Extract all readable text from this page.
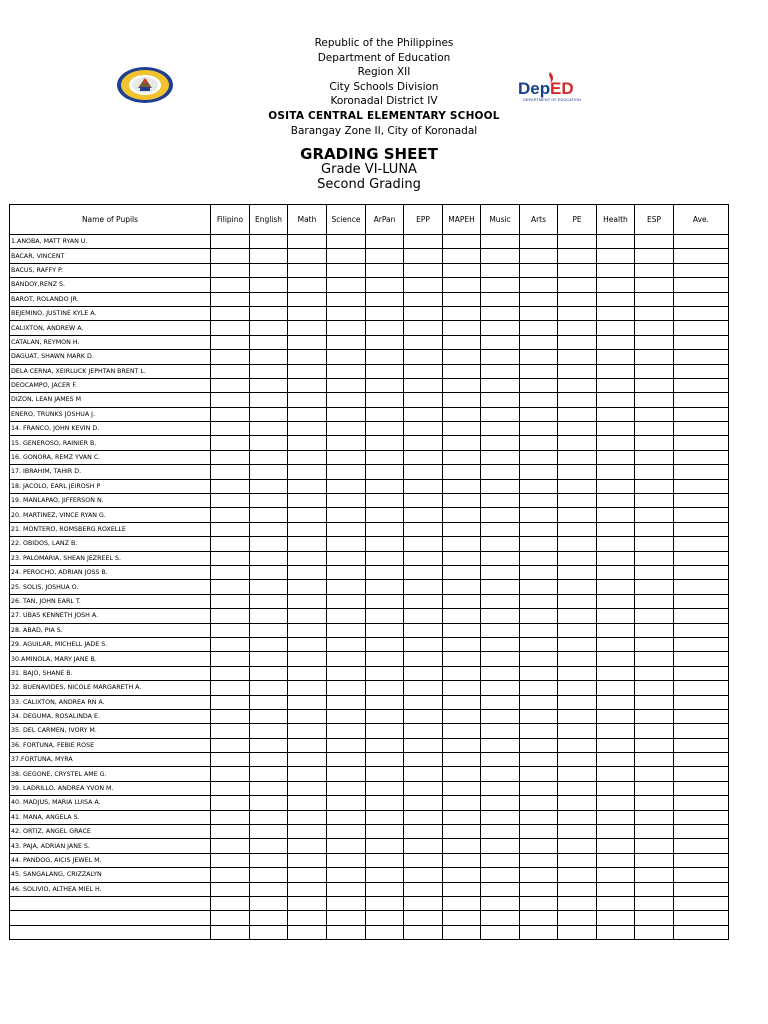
Republic of the Philippines
Department of Education
Region XII
City Schools Division
Koronadal District IV
OSITA CENTRAL ELEMENTARY SCHOOL
Barangay Zone II, City of Koronadal
Dep ED
DEPARTMENT OF EDUCATION
GRADING SHEET
Grade VI-LUNA
Second Grading
Name of Pupils	Filipino	English	Math	Science	ArPan	EPP	MAPEH	Music	Arts	PE	Health	ESP	Ave.
1.ANOBA, MATT RYAN U.													
BACAR, VINCENT													
BACUS, RAFFY P.													
BANDOY,RENZ S.													
BAROT, ROLANDO JR.													
BEJEMINO, JUSTINE KYLE A.													
CALIXTON, ANDREW A.													
CATALAN, REYMON H.													
DAGUAT, SHAWN MARK D.													
DELA CERNA, XEIRLUCK JEPHTAN BRENT L.													
DEOCAMPO, JACER F.													
DIZON, LEAN JAMES M													
ENERO, TRUNKS JOSHUA J.													
14. FRANCO, JOHN KEVIN D.													
15. GENEROSO, RAINIER B.													
16. GONORA, REMZ YVAN C.													
17. IBRAHIM, TAHIR D.													
18. JACOLO, EARL JEIROSH P													
19. MANLAPAO, JIFFERSON N.													
20. MARTINEZ, VINCE RYAN G.													
21. MONTERO, ROMSBERG ROXELLE													
22. OBIDOS, LANZ B.													
23. PALOMARIA, SHEAN JEZREEL S.													
24. PEROCHO, ADRIAN JOSS B.													
25. SOLIS, JOSHUA O.													
26. TAN, JOHN EARL T.													
27. UBAS KENNETH JOSH A.													
28. ABAD, PIA S.													
29. AGUILAR, MICHELL JADE S.													
30.AMINOLA, MARY JANE B.													
31. BAJO, SHANE B.													
32. BUENAVIDES, NICOLE MARGARETH A.													
33. CALIXTON, ANDREA RN A.													
34. DEGUMA, ROSALINDA E.													
35. DEL CARMEN, IVORY M.													
36. FORTUNA, FEBIE ROSE													
37.FORTUNA, MYRA													
38. GEGONE, CRYSTEL AME G.													
39. LADRILLO, ANDREA YVON M.													
40. MADJUS, MARIA LUISA A.													
41. MANA, ANGELA S.													
42. ORTIZ, ANGEL GRACE													
43. PAJA, ADRIAN JANE S.													
44. PANDOG, AICIS JEWEL M.													
45. SANGALANG, CRIZZALYN													
46. SOLIVIO, ALTHEA MIEL H.													
